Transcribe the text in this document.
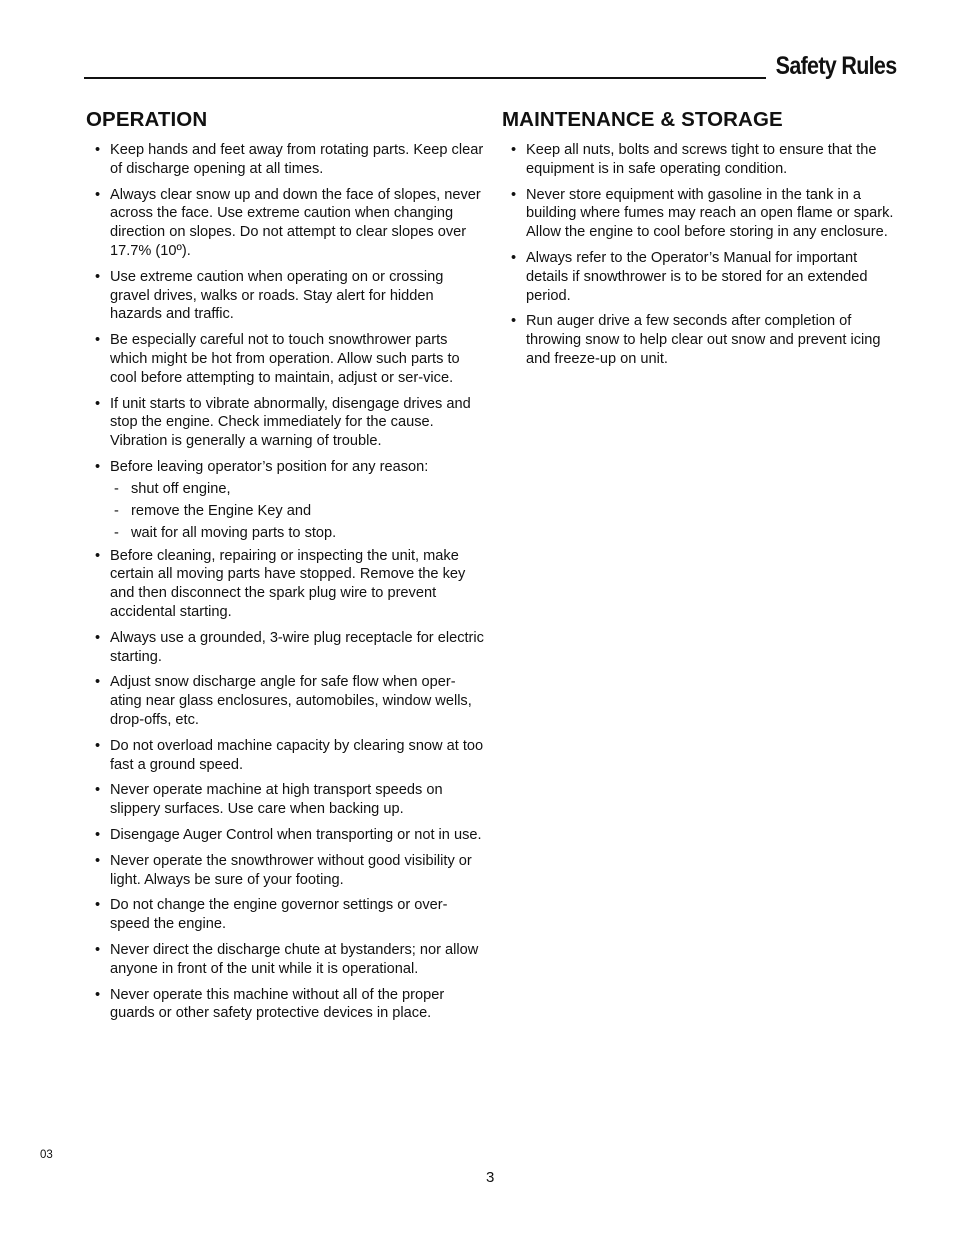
Safety Rules
OPERATION
• Keep hands and feet away from rotating parts. Keep clear of discharge opening at all times.
• Always clear snow up and down the face of slopes, never across the face. Use extreme caution when changing direction on slopes. Do not attempt to clear slopes over 17.7% (10º).
• Use extreme caution when operating on or crossing gravel drives, walks or roads. Stay alert for hidden hazards and traffic.
• Be especially careful not to touch snowthrower parts which might be hot from operation. Allow such parts to cool before attempting to maintain, adjust or ser-vice.
• If unit starts to vibrate abnormally, disengage drives and stop the engine. Check immediately for the cause. Vibration is generally a warning of trouble.
• Before leaving operator’s position for any reason:
- shut off engine,
- remove the Engine Key and
- wait for all moving parts to stop.
• Before cleaning, repairing or inspecting the unit, make certain all moving parts have stopped. Remove the key and then disconnect the spark plug wire to prevent accidental starting.
• Always use a grounded, 3-wire plug receptacle for electric starting.
• Adjust snow discharge angle for safe flow when oper-ating near glass enclosures, automobiles, window wells, drop-offs, etc.
• Do not overload machine capacity by clearing snow at too fast a ground speed.
• Never operate machine at high transport speeds on slippery surfaces. Use care when backing up.
• Disengage Auger Control when transporting or not in use.
• Never operate the snowthrower without good visibility or light. Always be sure of your footing.
• Do not change the engine governor settings or over-speed the engine.
• Never direct the discharge chute at bystanders; nor allow anyone in front of the unit while it is operational.
• Never operate this machine without all of the proper guards or other safety protective devices in place.
MAINTENANCE & STORAGE
• Keep all nuts, bolts and screws tight to ensure that the equipment is in safe operating condition.
• Never store equipment with gasoline in the tank in a building where fumes may reach an open flame or spark. Allow the engine to cool before storing in any enclosure.
• Always refer to the Operator’s Manual for important details if snowthrower is to be stored for an extended period.
• Run auger drive a few seconds after completion of throwing snow to help clear out snow and prevent icing and freeze-up on unit.
03
3
